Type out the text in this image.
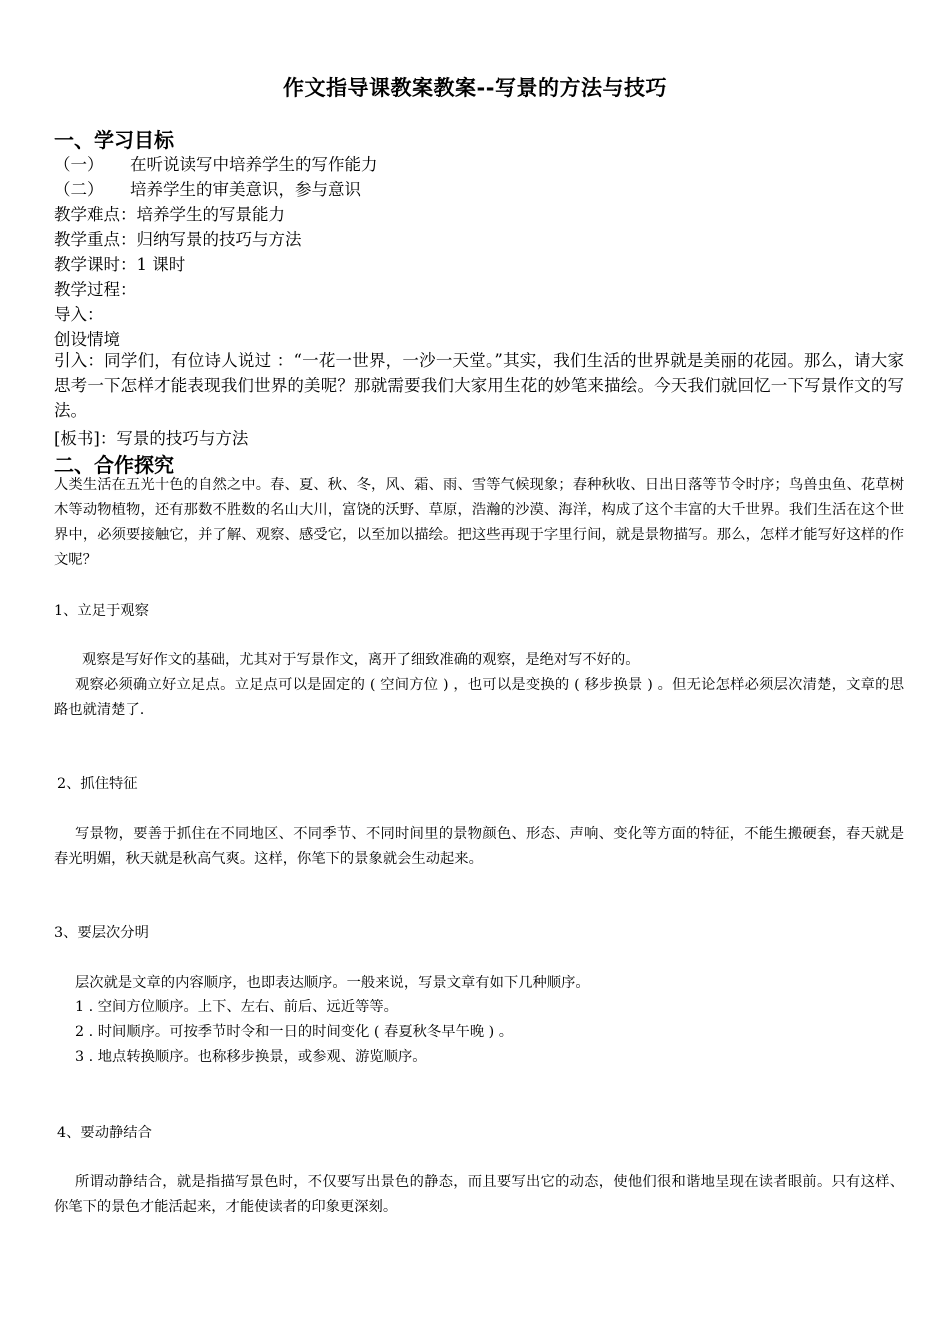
作文指导课教案教案--写景的方法与技巧
一、学习目标
（一） 在听说读写中培养学生的写作能力
（二） 培养学生的审美意识，参与意识
教学难点：培养学生的写景能力
教学重点：归纳写景的技巧与方法
教学课时：1 课时
教学过程：
导入：
创设情境
引入：同学们，有位诗人说过 ：“一花一世界，一沙一天堂。”其实，我们生活的世界就是美丽的花园。那么，请大家思考一下怎样才能表现我们世界的美呢？那就需要我们大家用生花的妙笔来描绘。今天我们就回忆一下写景作文的写法。
[板书]：写景的技巧与方法
二、合作探究
人类生活在五光十色的自然之中。春、夏、秋、冬，风、霜、雨、雪等气候现象；春种秋收、日出日落等节令时序；鸟兽虫鱼、花草树木等动物植物，还有那数不胜数的名山大川，富饶的沃野、草原，浩瀚的沙漠、海洋，构成了这个丰富的大千世界。我们生活在这个世界中，必须要接触它，并了解、观察、感受它，以至加以描绘。把这些再现于字里行间，就是景物描写。那么，怎样才能写好这样的作文呢？
1、立足于观察
观察是写好作文的基础，尤其对于写景作文，离开了细致准确的观察，是绝对写不好的。
观察必须确立好立足点。立足点可以是固定的 ( 空间方位 ) ，也可以是变换的 ( 移步换景 ) 。但无论怎样必须层次清楚，文章的思路也就清楚了.
2、抓住特征
写景物，要善于抓住在不同地区、不同季节、不同时间里的景物颜色、形态、声响、变化等方面的特征，不能生搬硬套，春天就是春光明媚，秋天就是秋高气爽。这样，你笔下的景象就会生动起来。
3、要层次分明
层次就是文章的内容顺序，也即表达顺序。一般来说，写景文章有如下几种顺序。
1 . 空间方位顺序。上下、左右、前后、远近等等。
2 . 时间顺序。可按季节时令和一日的时间变化 ( 春夏秋冬早午晚 ) 。
3 . 地点转换顺序。也称移步换景，或参观、游览顺序。
4、要动静结合
所谓动静结合，就是指描写景色时，不仅要写出景色的静态，而且要写出它的动态，使他们很和谐地呈现在读者眼前。只有这样、你笔下的景色才能活起来，才能使读者的印象更深刻。
